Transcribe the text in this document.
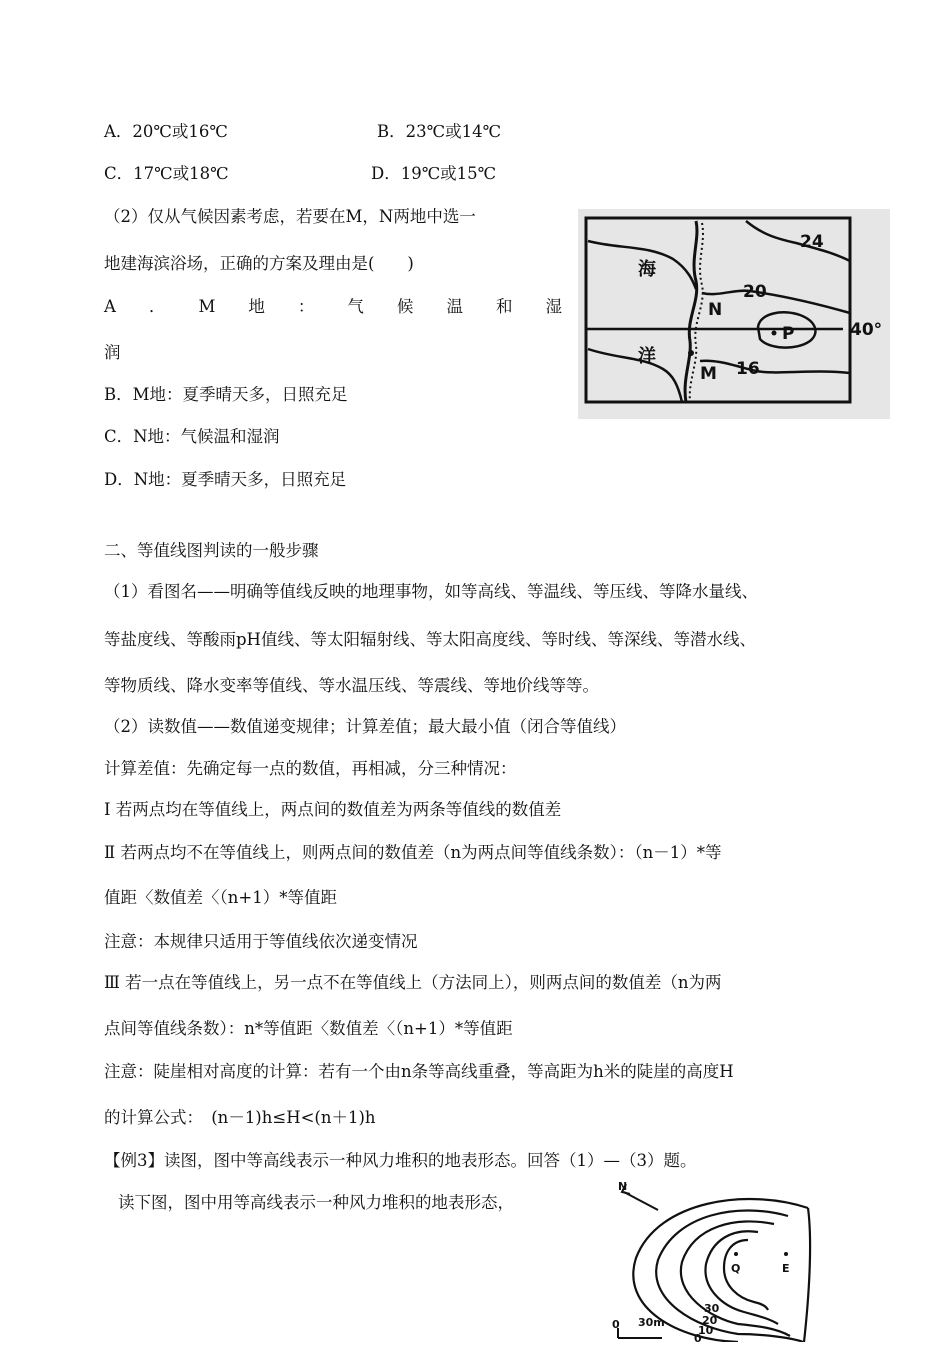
A．20℃或16℃	B．23℃或14℃
C．17℃或18℃	D．19℃或15℃
（2）仅从气候因素考虑，若要在M，N两地中选一
地建海滨浴场，正确的方案及理由是(　　)
A ． M 地 ： 气 候 温 和 湿
润
B．M地：夏季晴天多，日照充足
C．N地：气候温和湿润
D．N地：夏季晴天多，日照充足
海
洋
24
20
16
N
M
P	40°
二、等值线图判读的一般步骤
（1）看图名——明确等值线反映的地理事物，如等高线、等温线、等压线、等降水量线、
等盐度线、等酸雨pH值线、等太阳辐射线、等太阳高度线、等时线、等深线、等潜水线、
等物质线、降水变率等值线、等水温压线、等震线、等地价线等等。
（2）读数值——数值递变规律；计算差值；最大最小值（闭合等值线）
计算差值：先确定每一点的数值，再相减，分三种情况：
Ⅰ 若两点均在等值线上，两点间的数值差为两条等值线的数值差
Ⅱ 若两点均不在等值线上，则两点间的数值差（n为两点间等值线条数）：（n－1）*等
值距〈数值差〈（n+1）*等值距
注意：本规律只适用于等值线依次递变情况
Ⅲ 若一点在等值线上，另一点不在等值线上（方法同上），则两点间的数值差（n为两
点间等值线条数）：n*等值距〈数值差〈（n+1）*等值距
注意：陡崖相对高度的计算：若有一个由n条等高线重叠，等高距为h米的陡崖的高度H
的计算公式：　(n－1)h≤H<(n＋1)h
【例3】读图，图中等高线表示一种风力堆积的地表形态。回答（1）—（3）题。
读下图，图中用等高线表示一种风力堆积的地表形态，
Q	E
N
0 30m
30
20
10
0
